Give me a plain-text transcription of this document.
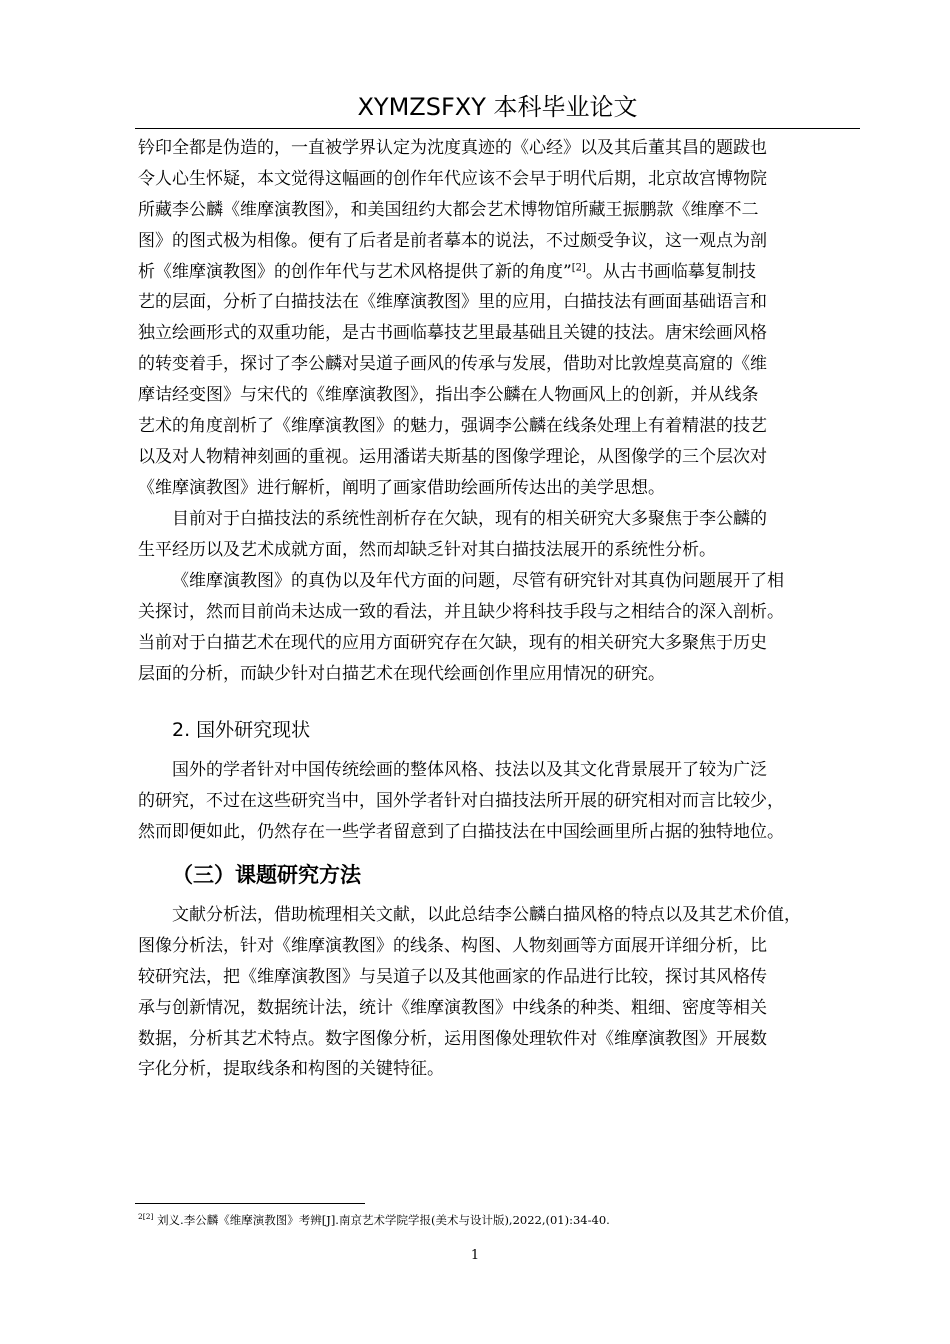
XYMZSFXY 本科毕业论文
钤印全都是伪造的，一直被学界认定为沈度真迹的《心经》以及其后董其昌的题跋也
令人心生怀疑，本文觉得这幅画的创作年代应该不会早于明代后期，北京故宫博物院
所藏李公麟《维摩演教图》，和美国纽约大都会艺术博物馆所藏王振鹏款《维摩不二
图》的图式极为相像。便有了后者是前者摹本的说法，不过颇受争议，这一观点为剖
析《维摩演教图》的创作年代与艺术风格提供了新的角度”[2]。从古书画临摹复制技
艺的层面，分析了白描技法在《维摩演教图》里的应用，白描技法有画面基础语言和
独立绘画形式的双重功能，是古书画临摹技艺里最基础且关键的技法。唐宋绘画风格
的转变着手，探讨了李公麟对吴道子画风的传承与发展，借助对比敦煌莫高窟的《维
摩诘经变图》与宋代的《维摩演教图》，指出李公麟在人物画风上的创新，并从线条
艺术的角度剖析了《维摩演教图》的魅力，强调李公麟在线条处理上有着精湛的技艺
以及对人物精神刻画的重视。运用潘诺夫斯基的图像学理论，从图像学的三个层次对
《维摩演教图》进行解析，阐明了画家借助绘画所传达出的美学思想。
目前对于白描技法的系统性剖析存在欠缺，现有的相关研究大多聚焦于李公麟的
生平经历以及艺术成就方面，然而却缺乏针对其白描技法展开的系统性分析。
《维摩演教图》的真伪以及年代方面的问题，尽管有研究针对其真伪问题展开了相
关探讨，然而目前尚未达成一致的看法，并且缺少将科技手段与之相结合的深入剖析。
当前对于白描艺术在现代的应用方面研究存在欠缺，现有的相关研究大多聚焦于历史
层面的分析，而缺少针对白描艺术在现代绘画创作里应用情况的研究。
2. 国外研究现状
国外的学者针对中国传统绘画的整体风格、技法以及其文化背景展开了较为广泛
的研究，不过在这些研究当中，国外学者针对白描技法所开展的研究相对而言比较少，
然而即便如此，仍然存在一些学者留意到了白描技法在中国绘画里所占据的独特地位。
（三）课题研究方法
文献分析法，借助梳理相关文献，以此总结李公麟白描风格的特点以及其艺术价值，
图像分析法，针对《维摩演教图》的线条、构图、人物刻画等方面展开详细分析，比
较研究法，把《维摩演教图》与吴道子以及其他画家的作品进行比较，探讨其风格传
承与创新情况，数据统计法，统计《维摩演教图》中线条的种类、粗细、密度等相关
数据，分析其艺术特点。数字图像分析，运用图像处理软件对《维摩演教图》开展数
字化分析，提取线条和构图的关键特征。
$^{2[2]}$ 刘义.李公麟《维摩演教图》考辨[J].南京艺术学院学报(美术与设计版),2022,(01):34-40.
1
